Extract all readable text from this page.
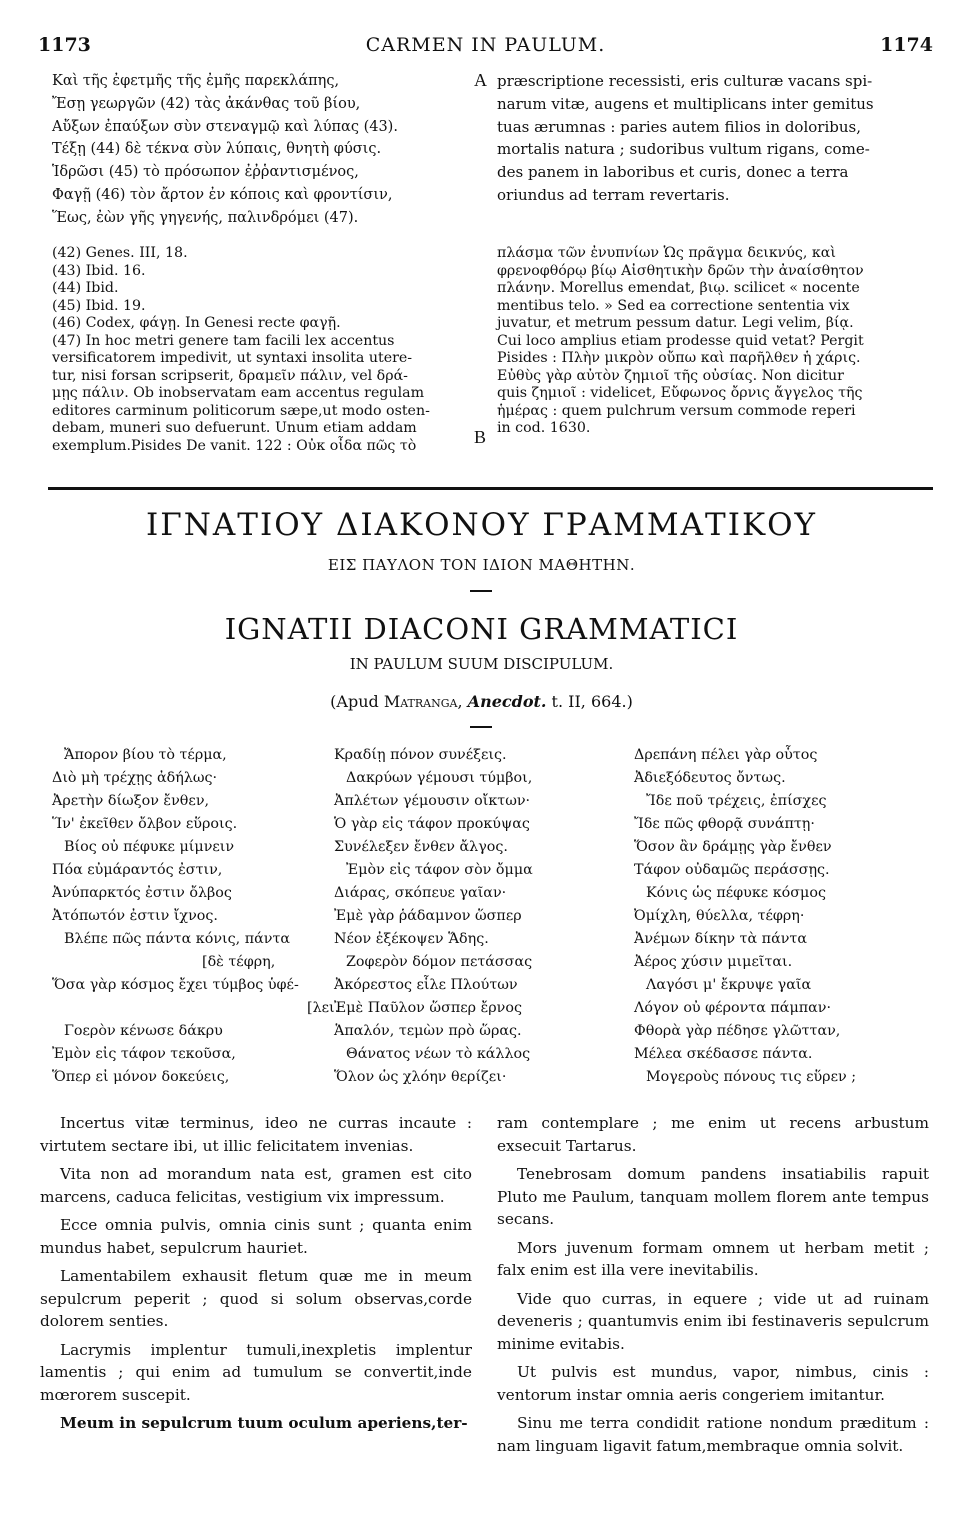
1173	CARMEN IN PAULUM.	1174
Καὶ τῆς ἐφετμῆς τῆς ἐμῆς παρεκλάπης,
Ἔσῃ γεωργῶν (42) τὰς ἀκάνθας τοῦ βίου,
Αὔξων ἐπαύξων σὺν στεναγμῷ καὶ λύπας (43).
Τέξῃ (44) δὲ τέκνα σὺν λύπαις, θνητὴ φύσις.
Ἱδρῶσι (45) τὸ πρόσωπον ἐῤῥαντισμένος,
Φαγῇ (46) τὸν ἄρτον ἐν κόποις καὶ φροντίσιν,
Ἕως, ἐὼν γῆς γηγενής, παλινδρόμει (47).
A
B
præscriptione recessisti, eris culturæ vacans spi-
narum vitæ, augens et multiplicans inter gemitus
tuas ærumnas : paries autem filios in doloribus,
mortalis natura ; sudoribus vultum rigans, come-
des panem in laboribus et curis, donec a terra
oriundus ad terram revertaris.
(42) Genes. III, 18.
(43) Ibid. 16.
(44) Ibid.
(45) Ibid. 19.
(46) Codex, φάγῃ. In Genesi recte φαγῇ.
(47) In hoc metri genere tam facili lex accentus
versificatorem impedivit, ut syntaxi insolita utere-
tur, nisi forsan scripserit, δραμεῖν πάλιν, vel δρά-
μῃς πάλιν. Ob inobservatam eam accentus regulam
editores carminum politicorum sæpe,ut modo osten-
debam, muneri suo defuerunt. Unum etiam addam
exemplum.Pisides De vanit. 122 : Οὐκ οἶδα πῶς τὸ
πλάσμα τῶν ἐνυπνίων Ὡς πρᾶγμα δεικνύς, καὶ
φρενοφθόρῳ βίῳ Αἰσθητικὴν δρῶν τὴν ἀναίσθητον
πλάνην. Morellus emendat, βιῳ. scilicet « nocente
mentibus telo. » Sed ea correctione sententia vix
juvatur, et metrum pessum datur. Legi velim, βίᾳ.
Cui loco amplius etiam prodesse quid vetat? Pergit
Pisides : Πλὴν μικρὸν οὔπω καὶ παρῆλθεν ἡ χάρις.
Εὐθὺς γὰρ αὐτὸν ζημιοῖ τῆς οὐσίας. Non dicitur
quis ζημιοῖ : videlicet, Εὔφωνος ὄρνις ἄγγελος τῆς
ἡμέρας : quem pulchrum versum commode reperi
in cod. 1630.
ΙΓΝΑΤΙΟΥ ΔΙΑΚΟΝΟΥ ΓΡΑΜΜΑΤΙΚΟΥ
ΕΙΣ ΠΑΥΛΟΝ ΤΟΝ ΙΔΙΟΝ ΜΑΘΗΤΗΝ.
IGNATII DIACONI GRAMMATICI
IN PAULUM SUUM DISCIPULUM.
(Apud Matranga, Anecdot. t. II, 664.)
Ἄπορον βίου τὸ τέρμα,
Διὸ μὴ τρέχῃς ἀδήλως·
Ἀρετὴν δίωξον ἔνθεν,
Ἵν' ἐκεῖθεν ὄλβον εὕροις.
Βίος οὐ πέφυκε μίμνειν
Πόα εὐμάραντός ἐστιν,
Ἀνύπαρκτός ἐστιν ὄλβος
Ἀτόπωτόν ἐστιν ἴχνος.
Βλέπε πῶς πάντα κόνις, πάντα
[δὲ τέφρη,
Ὅσα γὰρ κόσμος ἔχει τύμβος ὑφέ-
[λει.
Γοερὸν κένωσε δάκρυ
Ἐμὸν εἰς τάφον τεκοῦσα,
Ὅπερ εἰ μόνον δοκεύεις,
Κραδίῃ πόνον συνέξεις.
Δακρύων γέμουσι τύμβοι,
Ἀπλέτων γέμουσιν οἴκτων·
Ὁ γὰρ εἰς τάφον προκύψας
Συνέλεξεν ἔνθεν ἄλγος.
Ἐμὸν εἰς τάφον σὸν ὄμμα
Διάρας, σκόπευε γαῖαν·
Ἐμὲ γὰρ ῥάδαμνον ὥσπερ
Νέον ἐξέκοψεν Ἅδης.
Ζοφερὸν δόμον πετάσσας
Ἀκόρεστος εἷλε Πλούτων
Ἐμὲ Παῦλον ὥσπερ ἔρνος
Ἁπαλόν, τεμὼν πρὸ ὥρας.
Θάνατος νέων τὸ κάλλος
Ὅλον ὡς χλόην θερίζει·
Δρεπάνη πέλει γὰρ οὗτος
Ἀδιεξόδευτος ὄντως.
Ἴδε ποῦ τρέχεις, ἐπίσχες
Ἴδε πῶς φθορᾷ συνάπτῃ·
Ὅσον ἂν δράμῃς γὰρ ἔνθεν
Τάφον οὐδαμῶς περάσσῃς.
Κόνις ὡς πέφυκε κόσμος
Ὀμίχλη, θύελλα, τέφρη·
Ἀνέμων δίκην τὰ πάντα
Ἀέρος χύσιν μιμεῖται.
Λαγόσι μ' ἔκρυψε γαῖα
Λόγον οὐ φέροντα πάμπαν·
Φθορὰ γὰρ πέδησε γλῶτταν,
Μέλεα σκέδασσε πάντα.
Μογεροὺς πόνους τις εὕρεν ;

Incertus vitæ terminus, ideo ne curras incaute : virtutem sectare ibi, ut illic felicitatem invenias.

Vita non ad morandum nata est, gramen est cito marcens, caduca felicitas, vestigium vix impressum.

Ecce omnia pulvis, omnia cinis sunt ; quanta enim mundus habet, sepulcrum hauriet.

Lamentabilem exhausit fletum quæ me in meum sepulcrum peperit ; quod si solum observas,corde dolorem senties.

Lacrymis implentur tumuli,inexpletis implentur lamentis ; qui enim ad tumulum se convertit,inde mœrorem suscepit.

Meum in sepulcrum tuum oculum aperiens,ter-

ram contemplare ; me enim ut recens arbustum exsecuit Tartarus.

Tenebrosam domum pandens insatiabilis rapuit Pluto me Paulum, tanquam mollem florem ante tempus secans.

Mors juvenum formam omnem ut herbam metit ; falx enim est illa vere inevitabilis.

Vide quo curras, in equere ; vide ut ad ruinam deveneris ; quantumvis enim ibi festinaveris sepulcrum minime evitabis.

Ut pulvis est mundus, vapor, nimbus, cinis : ventorum instar omnia aeris congeriem imitantur.

Sinu me terra condidit ratione nondum præditum : nam linguam ligavit fatum,membraque omnia solvit.
